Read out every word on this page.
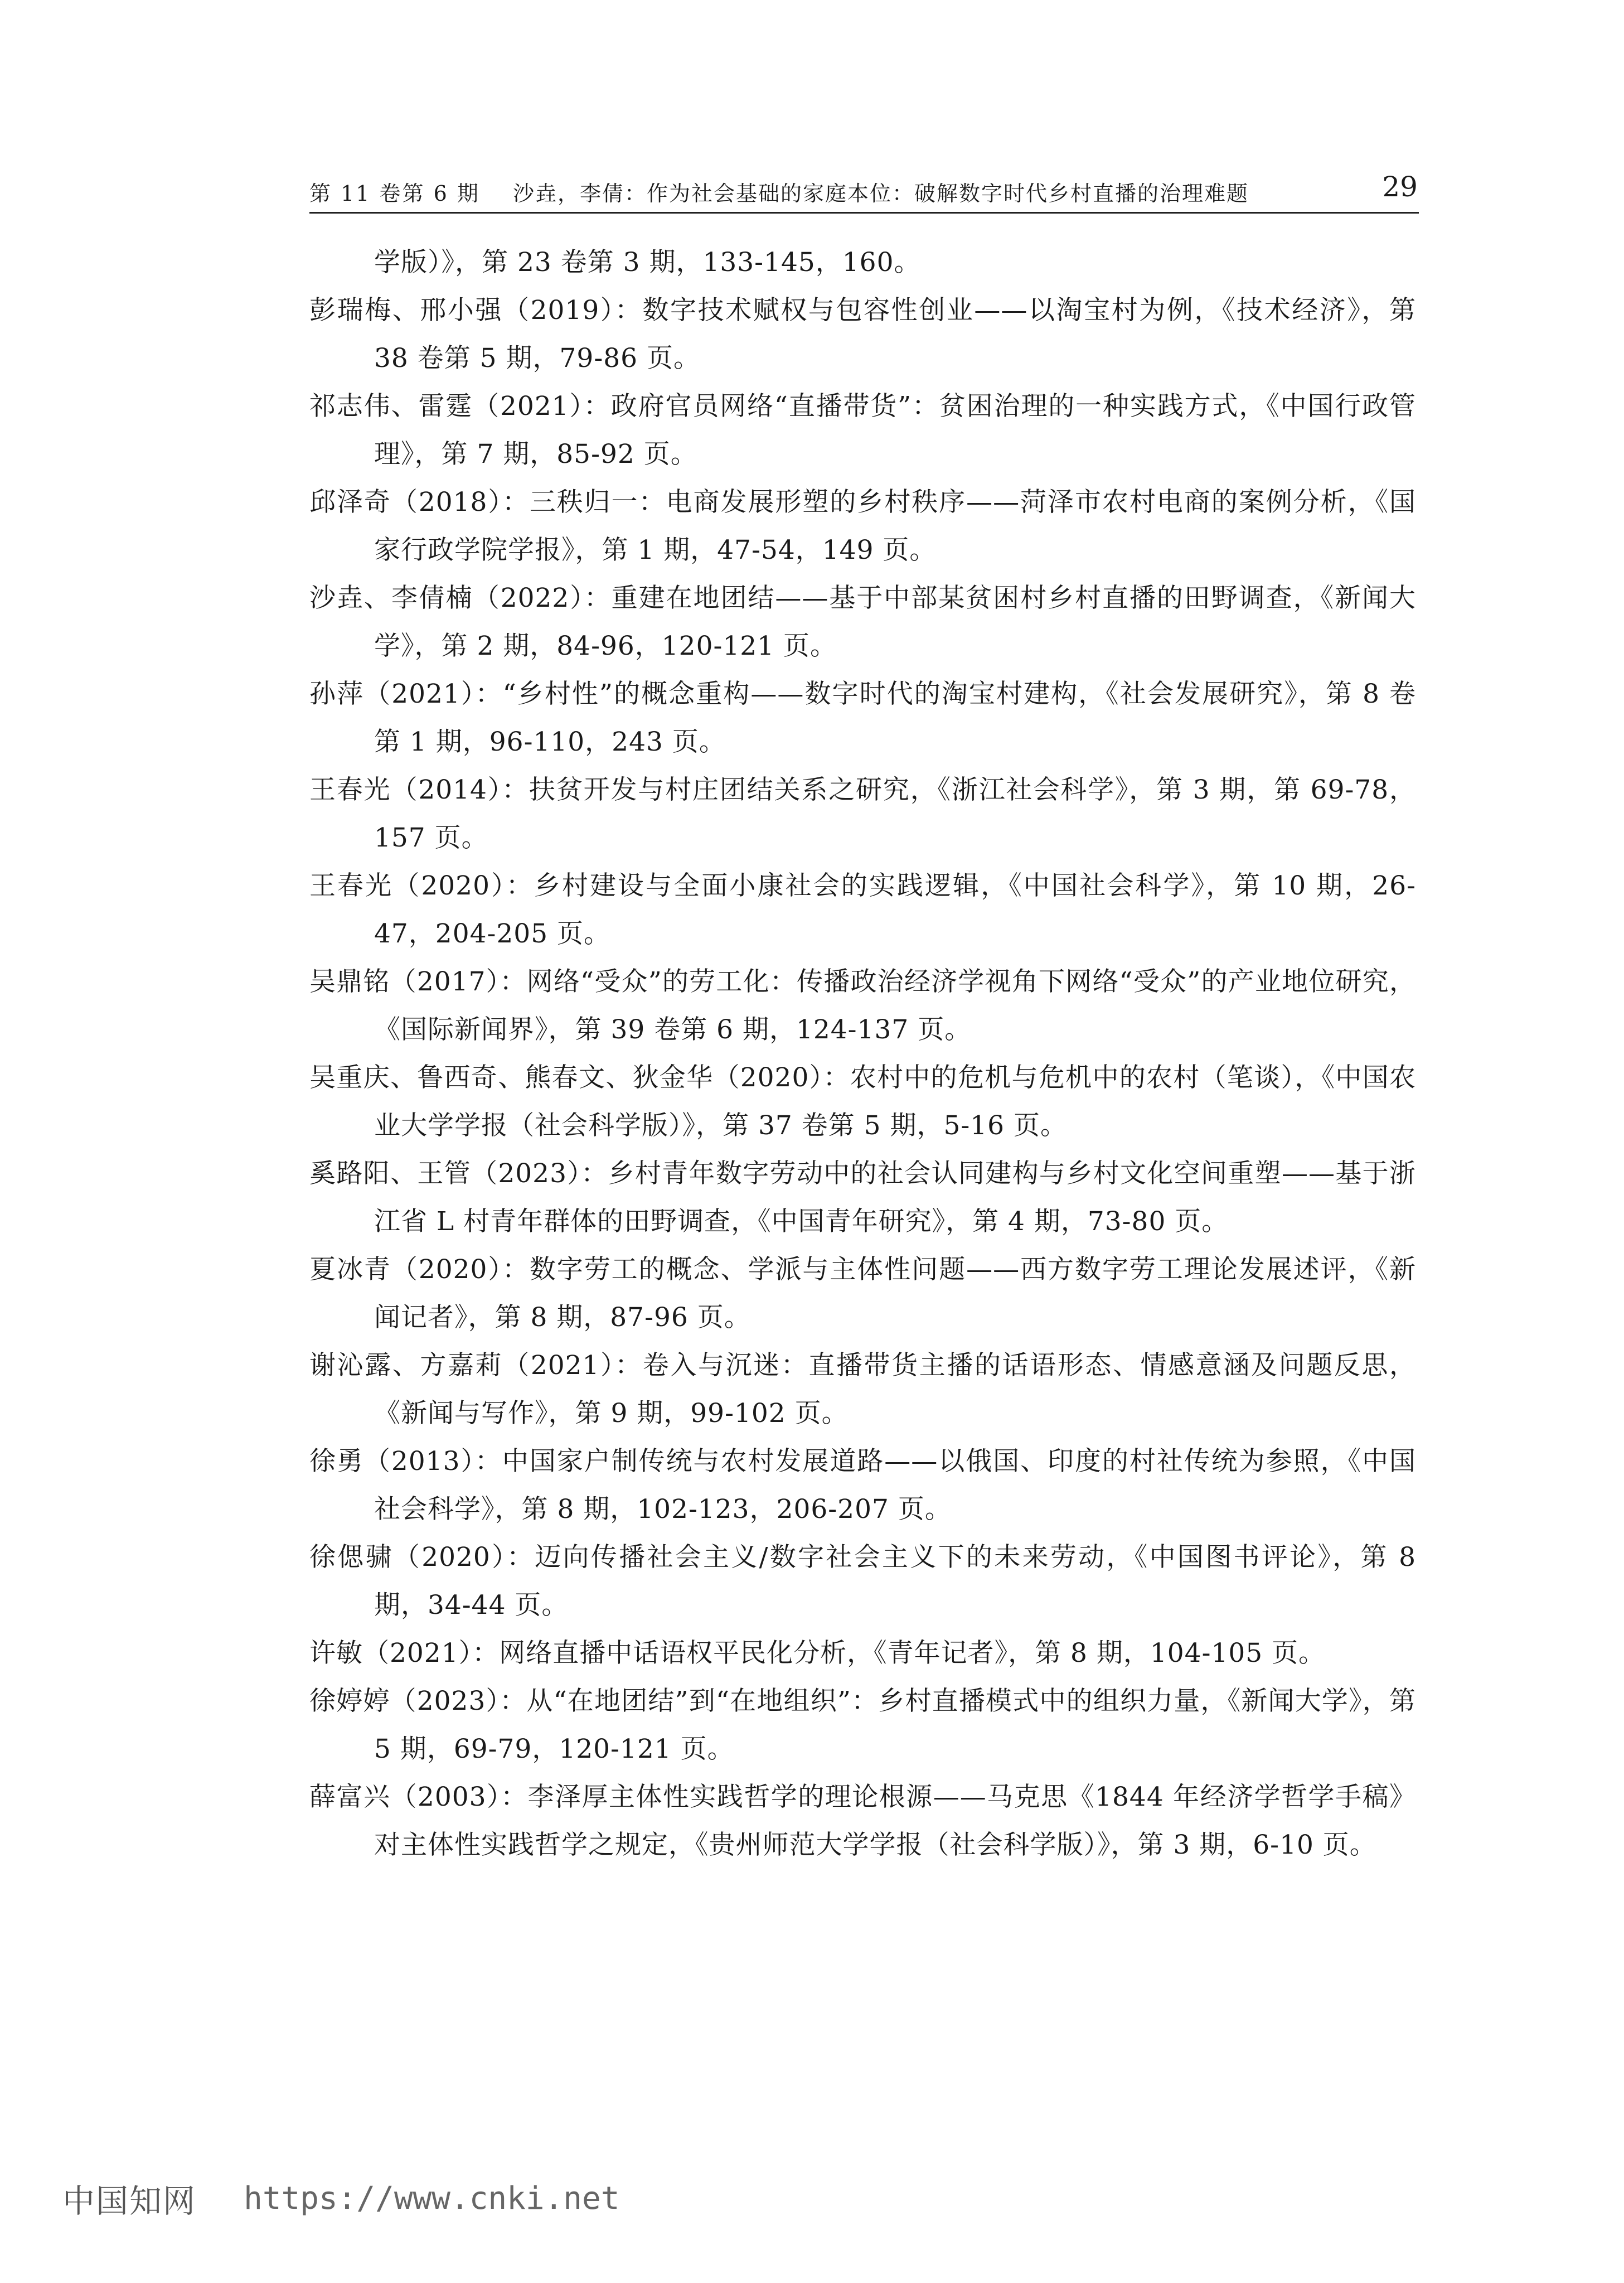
第 11 卷第 6 期 沙垚，李倩：作为社会基础的家庭本位：破解数字时代乡村直播的治理难题	29
学版）》，第 23 卷第 3 期，133-145，160。
彭瑞梅、邢小强（2019）：数字技术赋权与包容性创业——以淘宝村为例，《技术经济》，第 38 卷第 5 期，79-86 页。
祁志伟、雷霆（2021）：政府官员网络“直播带货”：贫困治理的一种实践方式，《中国行政管理》，第 7 期，85-92 页。
邱泽奇（2018）：三秩归一：电商发展形塑的乡村秩序——菏泽市农村电商的案例分析，《国家行政学院学报》，第 1 期，47-54，149 页。
沙垚、李倩楠（2022）：重建在地团结——基于中部某贫困村乡村直播的田野调查，《新闻大学》，第 2 期，84-96，120-121 页。
孙萍（2021）：“乡村性”的概念重构——数字时代的淘宝村建构，《社会发展研究》，第 8 卷第 1 期，96-110，243 页。
王春光（2014）：扶贫开发与村庄团结关系之研究，《浙江社会科学》，第 3 期，第 69-78，157 页。
王春光（2020）：乡村建设与全面小康社会的实践逻辑，《中国社会科学》，第 10 期，26-47，204-205 页。
吴鼎铭（2017）：网络“受众”的劳工化：传播政治经济学视角下网络“受众”的产业地位研究，《国际新闻界》，第 39 卷第 6 期，124-137 页。
吴重庆、鲁西奇、熊春文、狄金华（2020）：农村中的危机与危机中的农村（笔谈），《中国农业大学学报（社会科学版）》，第 37 卷第 5 期，5-16 页。
奚路阳、王管（2023）：乡村青年数字劳动中的社会认同建构与乡村文化空间重塑——基于浙江省 L 村青年群体的田野调查，《中国青年研究》，第 4 期，73-80 页。
夏冰青（2020）：数字劳工的概念、学派与主体性问题——西方数字劳工理论发展述评，《新闻记者》，第 8 期，87-96 页。
谢沁露、方嘉莉（2021）：卷入与沉迷：直播带货主播的话语形态、情感意涵及问题反思，《新闻与写作》，第 9 期，99-102 页。
徐勇（2013）：中国家户制传统与农村发展道路——以俄国、印度的村社传统为参照，《中国社会科学》，第 8 期，102-123，206-207 页。
徐偲骕（2020）：迈向传播社会主义/数字社会主义下的未来劳动，《中国图书评论》，第 8 期，34-44 页。
许敏（2021）：网络直播中话语权平民化分析，《青年记者》，第 8 期，104-105 页。
徐婷婷（2023）：从“在地团结”到“在地组织”：乡村直播模式中的组织力量，《新闻大学》，第 5 期，69-79，120-121 页。
薛富兴（2003）：李泽厚主体性实践哲学的理论根源——马克思《1844 年经济学哲学手稿》对主体性实践哲学之规定，《贵州师范大学学报（社会科学版）》，第 3 期，6-10 页。
中国知网 https://www.cnki.net
